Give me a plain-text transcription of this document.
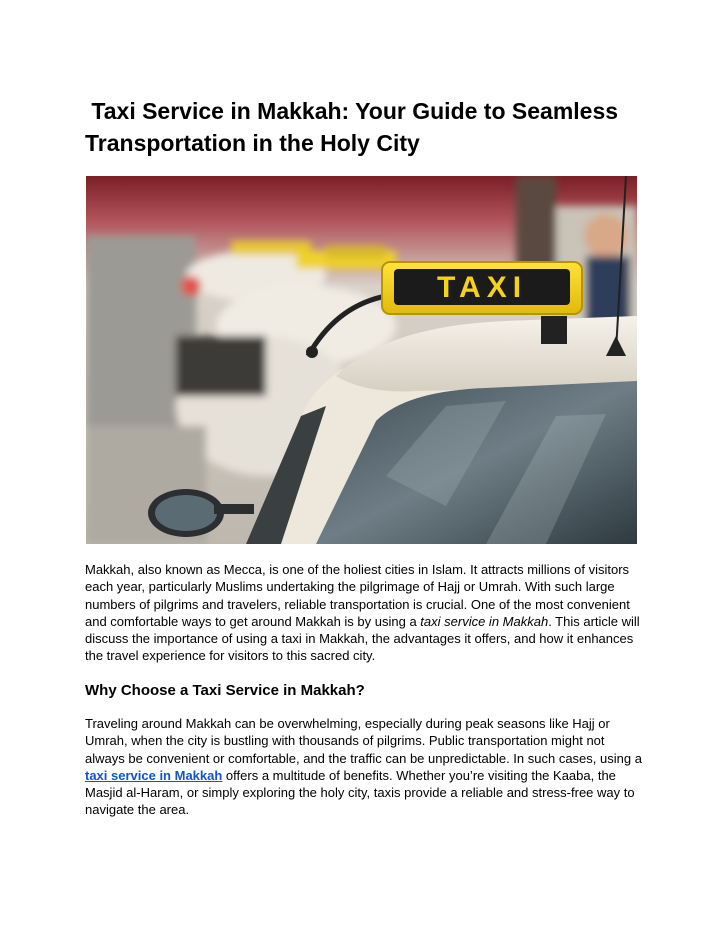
Taxi Service in Makkah: Your Guide to Seamless Transportation in the Holy City
TAXI

Makkah, also known as Mecca, is one of the holiest cities in Islam. It attracts millions of visitors each year, particularly Muslims undertaking the pilgrimage of Hajj or Umrah. With such large numbers of pilgrims and travelers, reliable transportation is crucial. One of the most convenient and comfortable ways to get around Makkah is by using a taxi service in Makkah. This article will discuss the importance of using a taxi in Makkah, the advantages it offers, and how it enhances the travel experience for visitors to this sacred city.

Why Choose a Taxi Service in Makkah?

Traveling around Makkah can be overwhelming, especially during peak seasons like Hajj or Umrah, when the city is bustling with thousands of pilgrims. Public transportation might not always be convenient or comfortable, and the traffic can be unpredictable. In such cases, using a taxi service in Makkah offers a multitude of benefits. Whether you’re visiting the Kaaba, the Masjid al-Haram, or simply exploring the holy city, taxis provide a reliable and stress-free way to navigate the area.
